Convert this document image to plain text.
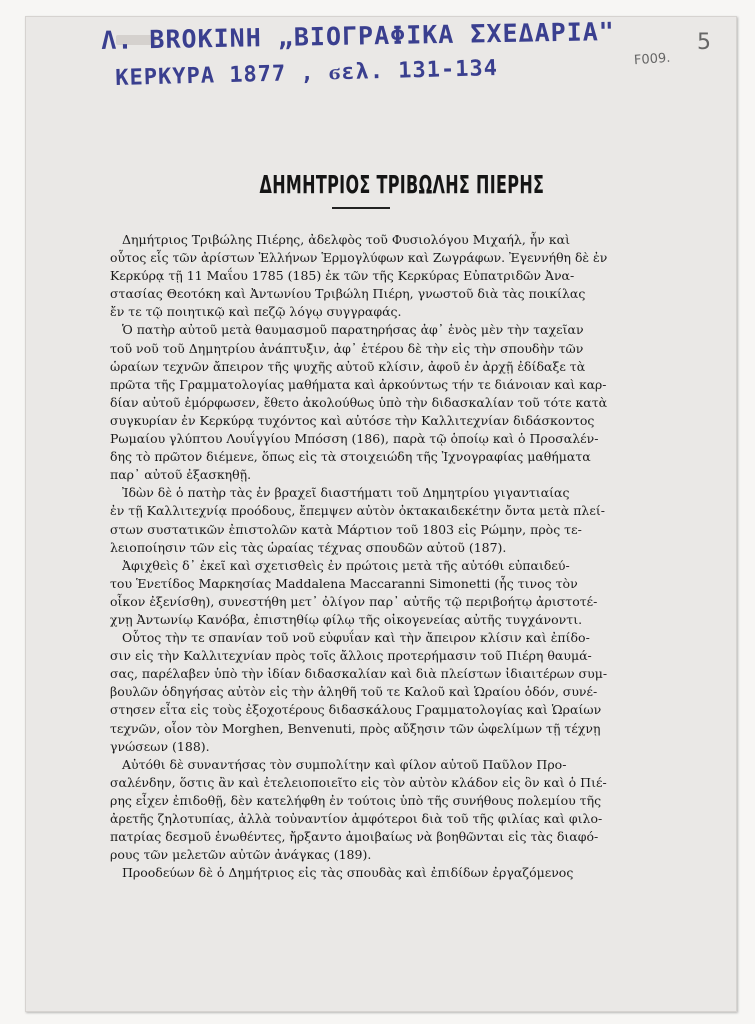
Λ. BROKINH „ΒΙΟΓΡΑΦΙΚΑ ΣΧΕΔΑΡΙΑ"
ΚΕΡΚΥΡΑ 1877 , ϭελ. 131-134
5
F009.
ΔΗΜΗΤΡΙΟΣ ΤΡΙΒΩΛΗΣ ΠΙΕΡΗΣ

Δημήτριος Τριβώλης Πιέρης, ἀδελφὸς τοῦ Φυσιολόγου Μιχαήλ, ἦν καὶ
οὗτος εἷς τῶν ἀρίστων Ἑλλήνων Ἑρμογλύφων καὶ Ζωγράφων. Ἐγεννήθη δὲ ἐν
Κερκύρᾳ τῇ 11 Μαΐου 1785 (185) ἐκ τῶν τῆς Κερκύρας Εὐπατριδῶν Ἀνα-
στασίας Θεοτόκη καὶ Ἀντωνίου Τριβώλη Πιέρη, γνωστοῦ διὰ τὰς ποικίλας
ἔν τε τῷ ποιητικῷ καὶ πεζῷ λόγῳ συγγραφάς.

Ὁ πατὴρ αὐτοῦ μετὰ θαυμασμοῦ παρατηρήσας ἀφ᾽ ἑνὸς μὲν τὴν ταχεῖαν
τοῦ νοῦ τοῦ Δημητρίου ἀνάπτυξιν, ἀφ᾽ ἑτέρου δὲ τὴν εἰς τὴν σπουδὴν τῶν
ὡραίων τεχνῶν ἄπειρον τῆς ψυχῆς αὐτοῦ κλίσιν, ἀφοῦ ἐν ἀρχῇ ἐδίδαξε τὰ
πρῶτα τῆς Γραμματολογίας μαθήματα καὶ ἀρκούντως τήν τε διάνοιαν καὶ καρ-
δίαν αὐτοῦ ἐμόρφωσεν, ἔθετο ἀκολούθως ὑπὸ τὴν διδασκαλίαν τοῦ τότε κατὰ
συγκυρίαν ἐν Κερκύρᾳ τυχόντος καὶ αὐτόσε τὴν Καλλιτεχνίαν διδάσκοντος
Ρωμαίου γλύπτου Λουΐγγίου Μπόσση (186), παρὰ τῷ ὁποίῳ καὶ ὁ Προσαλέν-
δης τὸ πρῶτον διέμενε, ὅπως εἰς τὰ στοιχειώδη τῆς Ἰχνογραφίας μαθήματα
παρ᾽ αὐτοῦ ἐξασκηθῇ.

Ἰδὼν δὲ ὁ πατὴρ τὰς ἐν βραχεῖ διαστήματι τοῦ Δημητρίου γιγαντιαίας
ἐν τῇ Καλλιτεχνίᾳ προόδους, ἔπεμψεν αὐτὸν ὀκτακαιδεκέτην ὄντα μετὰ πλεί-
στων συστατικῶν ἐπιστολῶν κατὰ Μάρτιον τοῦ 1803 εἰς Ρώμην, πρὸς τε-
λειοποίησιν τῶν εἰς τὰς ὡραίας τέχνας σπουδῶν αὐτοῦ (187).

Ἀφιχθεὶς δ᾽ ἐκεῖ καὶ σχετισθεὶς ἐν πρώτοις μετὰ τῆς αὐτόθι εὐπαιδεύ-
του Ἑνετίδος Μαρκησίας Maddalena Maccaranni Simonetti (ἧς τινος τὸν
οἶκον ἐξενίσθη), συνεστήθη μετ᾽ ὀλίγον παρ᾽ αὐτῆς τῷ περιβοήτῳ ἀριστοτέ-
χνῃ Ἀντωνίῳ Κανόβα, ἐπιστηθίῳ φίλῳ τῆς οἰκογενείας αὐτῆς τυγχάνοντι.

Οὗτος τὴν τε σπανίαν τοῦ νοῦ εὐφυΐαν καὶ τὴν ἄπειρον κλίσιν καὶ ἐπίδο-
σιν εἰς τὴν Καλλιτεχνίαν πρὸς τοῖς ἄλλοις προτερήμασιν τοῦ Πιέρη θαυμά-
σας, παρέλαβεν ὑπὸ τὴν ἰδίαν διδασκαλίαν καὶ διὰ πλείστων ἰδιαιτέρων συμ-
βουλῶν ὁδηγήσας αὐτὸν εἰς τὴν ἀληθῆ τοῦ τε Καλοῦ καὶ Ὡραίου ὁδόν, συνέ-
στησεν εἶτα εἰς τοὺς ἐξοχοτέρους διδασκάλους Γραμματολογίας καὶ Ὡραίων
τεχνῶν, οἷον τὸν Morghen, Benvenuti, πρὸς αὔξησιν τῶν ὠφελίμων τῇ τέχνῃ
γνώσεων (188).

Αὐτόθι δὲ συναντήσας τὸν συμπολίτην καὶ φίλον αὐτοῦ Παῦλον Προ-
σαλένδην, ὅστις ἂν καὶ ἐτελειοποιεῖτο εἰς τὸν αὐτὸν κλάδον εἰς ὃν καὶ ὁ Πιέ-
ρης εἶχεν ἐπιδοθῇ, δὲν κατελήφθη ἐν τούτοις ὑπὸ τῆς συνήθους πολεμίου τῆς
ἀρετῆς ζηλοτυπίας, ἀλλὰ τοὐναντίον ἀμφότεροι διὰ τοῦ τῆς φιλίας καὶ φιλο-
πατρίας δεσμοῦ ἑνωθέντες, ἤρξαντο ἀμοιβαίως νὰ βοηθῶνται εἰς τὰς διαφό-
ρους τῶν μελετῶν αὐτῶν ἀνάγκας (189).

Προοδεύων δὲ ὁ Δημήτριος εἰς τὰς σπουδὰς καὶ ἐπιδίδων ἐργαζόμενος
